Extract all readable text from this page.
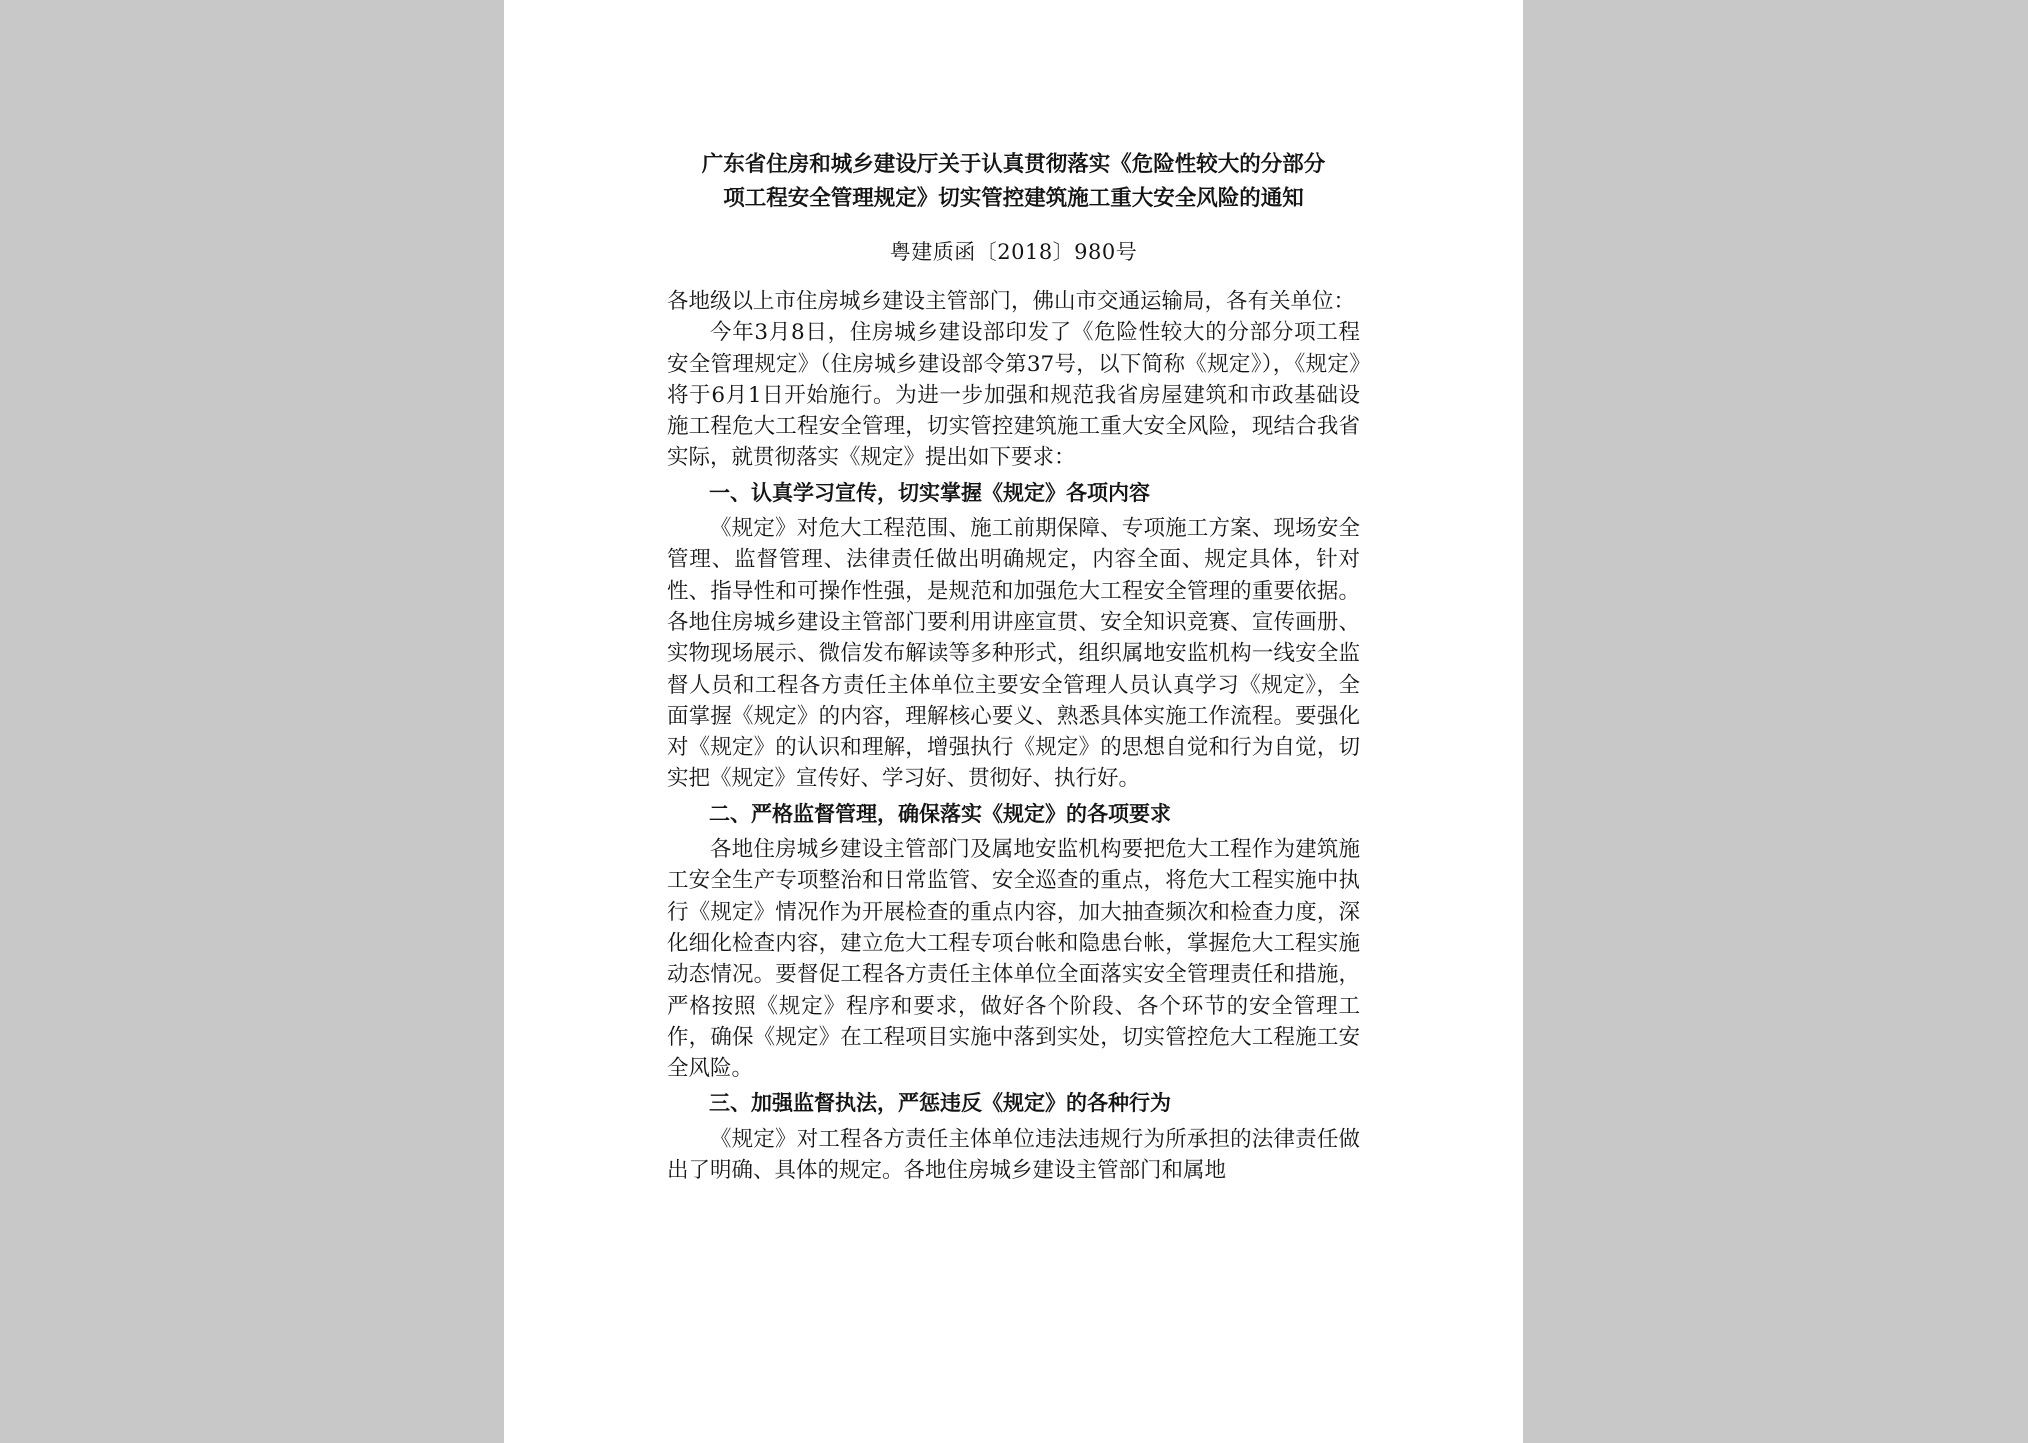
广东省住房和城乡建设厅关于认真贯彻落实《危险性较大的分部分
项工程安全管理规定》切实管控建筑施工重大安全风险的通知
粤建质函〔2018〕980号

各地级以上市住房城乡建设主管部门，佛山市交通运输局，各有关单位：

今年3月8日，住房城乡建设部印发了《危险性较大的分部分项工程安全管理规定》（住房城乡建设部令第37号，以下简称《规定》），《规定》将于6月1日开始施行。为进一步加强和规范我省房屋建筑和市政基础设施工程危大工程安全管理，切实管控建筑施工重大安全风险，现结合我省实际，就贯彻落实《规定》提出如下要求：

一、认真学习宣传，切实掌握《规定》各项内容

《规定》对危大工程范围、施工前期保障、专项施工方案、现场安全管理、监督管理、法律责任做出明确规定，内容全面、规定具体，针对性、指导性和可操作性强，是规范和加强危大工程安全管理的重要依据。各地住房城乡建设主管部门要利用讲座宣贯、安全知识竞赛、宣传画册、实物现场展示、微信发布解读等多种形式，组织属地安监机构一线安全监督人员和工程各方责任主体单位主要安全管理人员认真学习《规定》，全面掌握《规定》的内容，理解核心要义、熟悉具体实施工作流程。要强化对《规定》的认识和理解，增强执行《规定》的思想自觉和行为自觉，切实把《规定》宣传好、学习好、贯彻好、执行好。

二、严格监督管理，确保落实《规定》的各项要求

各地住房城乡建设主管部门及属地安监机构要把危大工程作为建筑施工安全生产专项整治和日常监管、安全巡查的重点，将危大工程实施中执行《规定》情况作为开展检查的重点内容，加大抽查频次和检查力度，深化细化检查内容，建立危大工程专项台帐和隐患台帐，掌握危大工程实施动态情况。要督促工程各方责任主体单位全面落实安全管理责任和措施，严格按照《规定》程序和要求，做好各个阶段、各个环节的安全管理工作，确保《规定》在工程项目实施中落到实处，切实管控危大工程施工安全风险。

三、加强监督执法，严惩违反《规定》的各种行为

《规定》对工程各方责任主体单位违法违规行为所承担的法律责任做出了明确、具体的规定。各地住房城乡建设主管部门和属地
